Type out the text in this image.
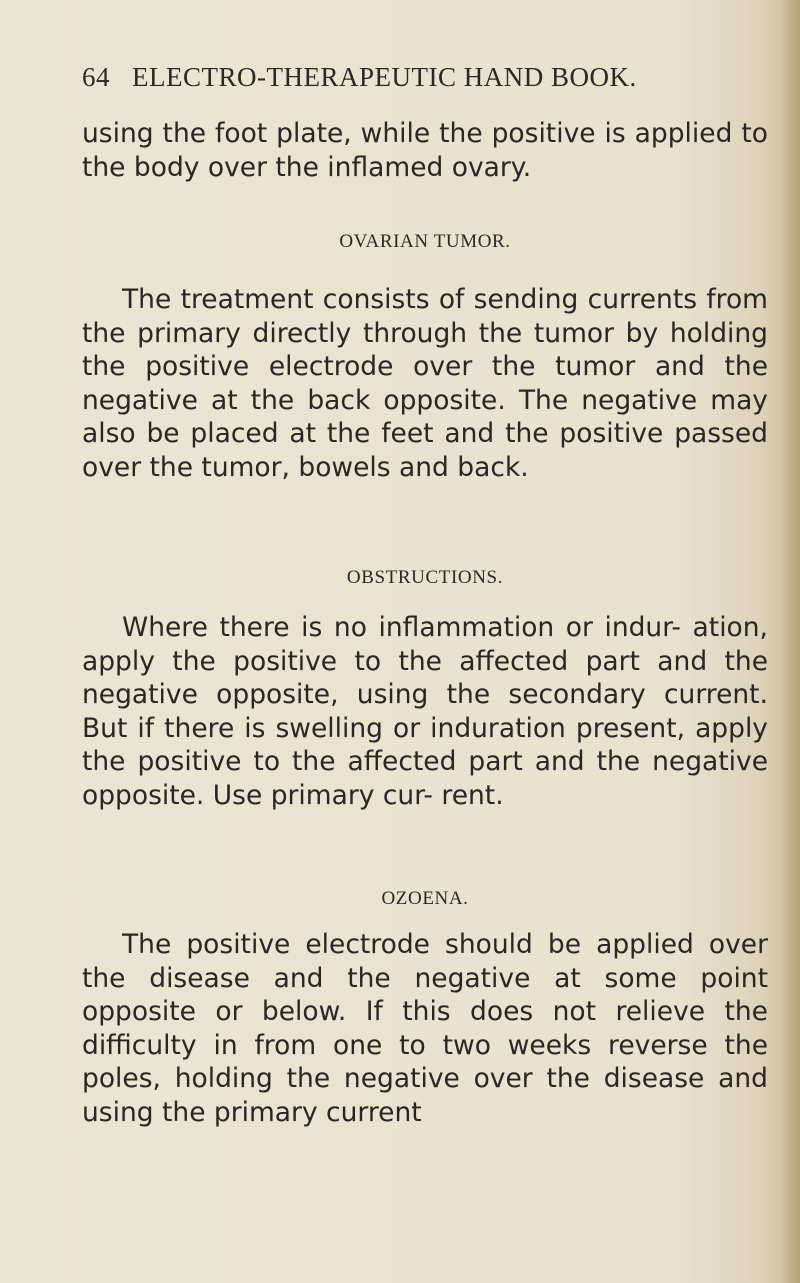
64 ELECTRO-THERAPEUTIC HAND BOOK.

using the foot plate, while the positive is applied to the body over the inflamed ovary.

OVARIAN TUMOR.

The treatment consists of sending currents from the primary directly through the tumor by holding the positive electrode over the tumor and the negative at the back opposite. The negative may also be placed at the feet and the positive passed over the tumor, bowels and back.

OBSTRUCTIONS.

Where there is no inflammation or indur- ation, apply the positive to the affected part and the negative opposite, using the secondary current. But if there is swelling or induration present, apply the positive to the affected part and the negative opposite. Use primary cur- rent.

OZOENA.

The positive electrode should be applied over the disease and the negative at some point opposite or below. If this does not relieve the difficulty in from one to two weeks reverse the poles, holding the negative over the disease and using the primary current
